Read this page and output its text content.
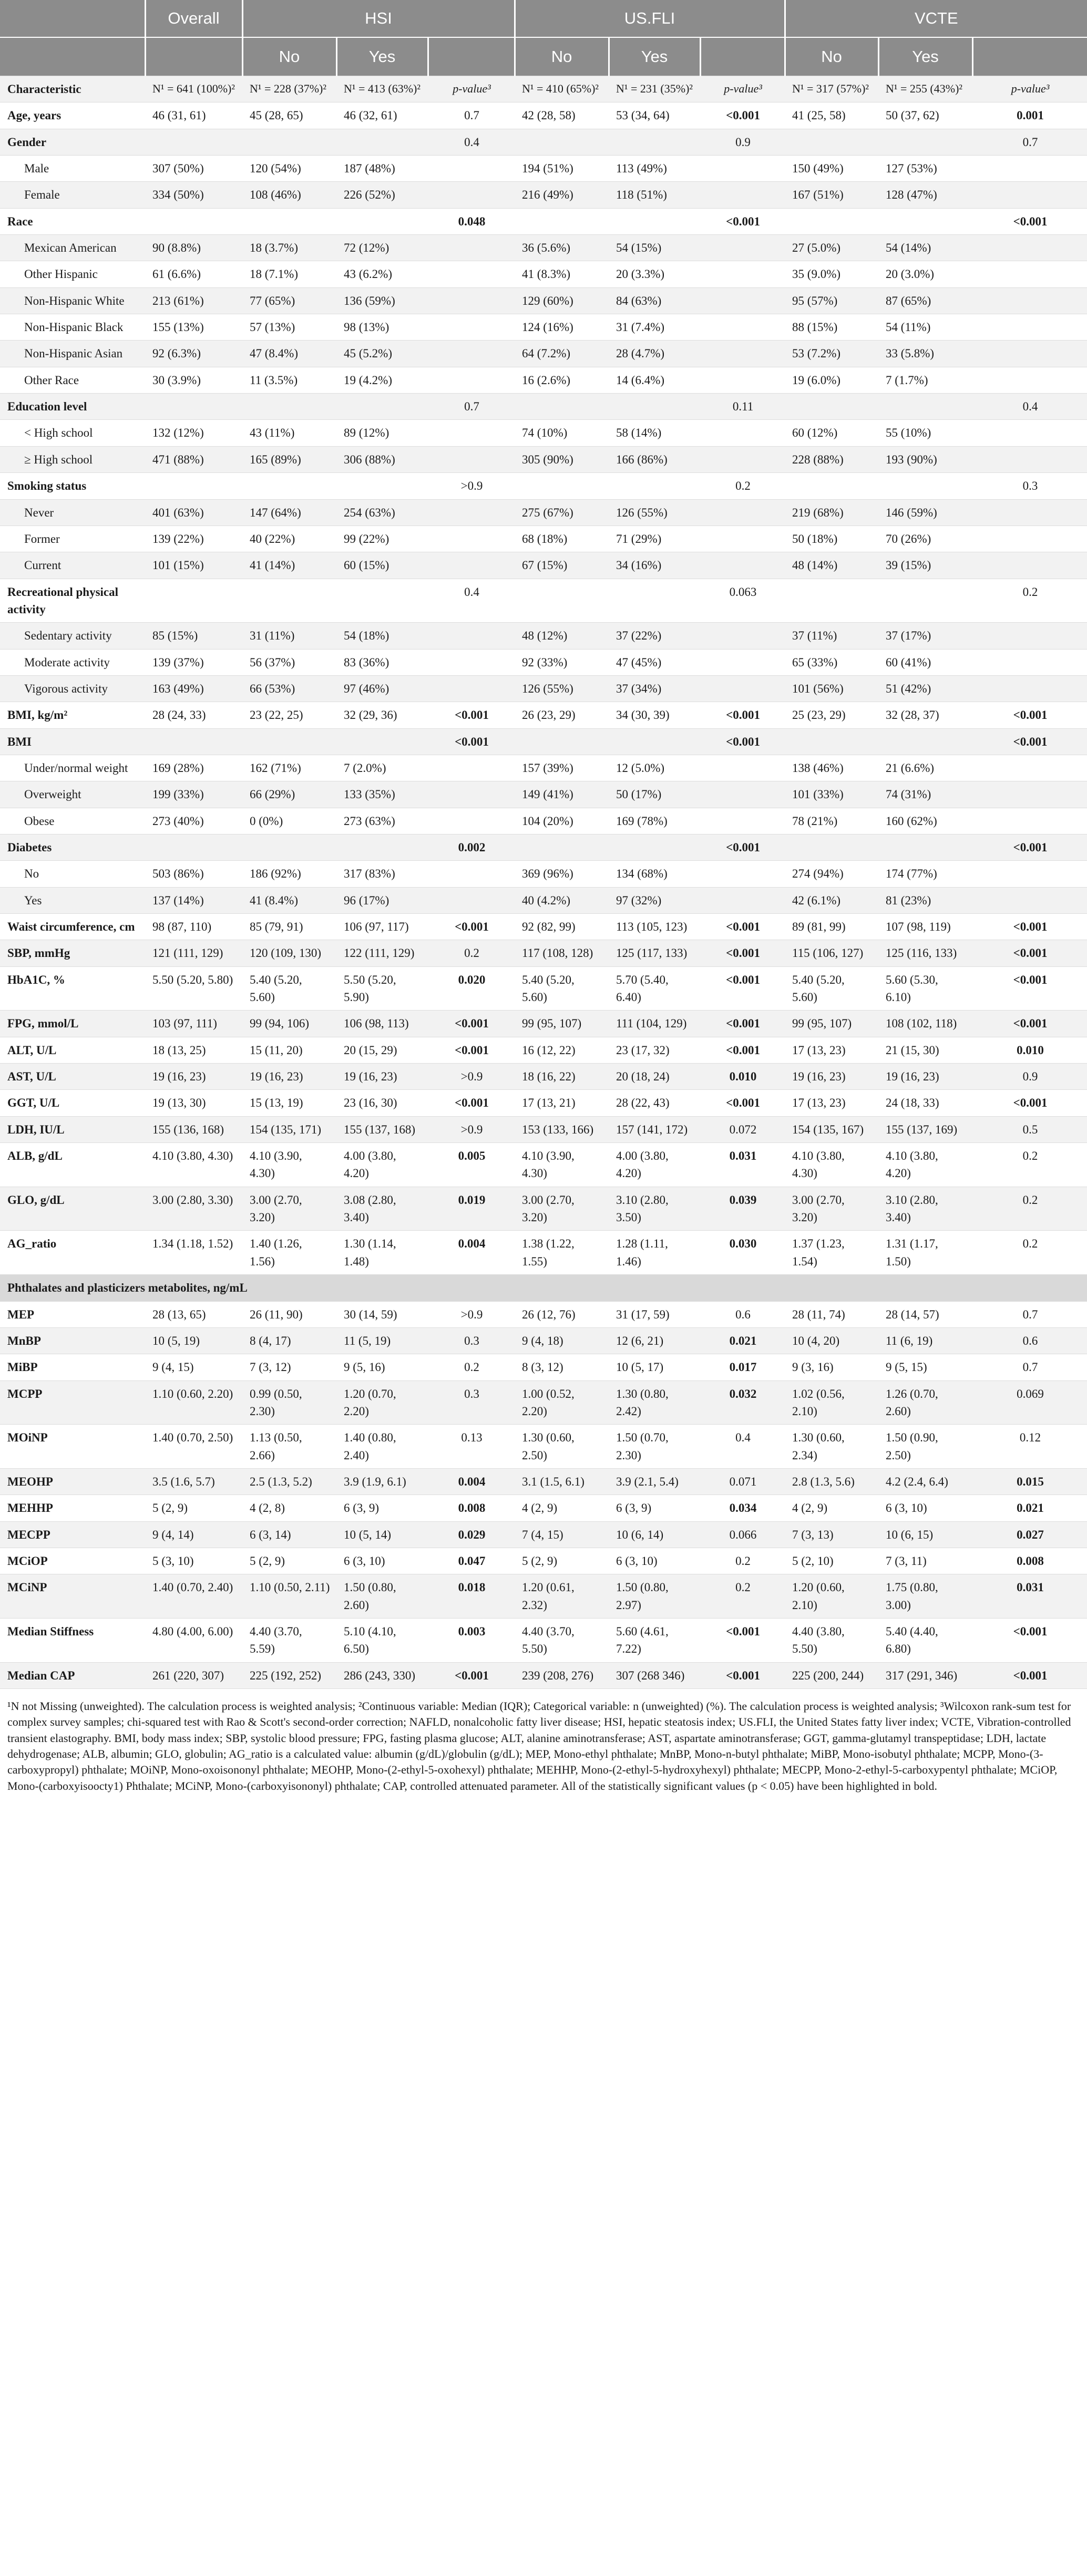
	Overall	HSI			US.FLI			VCTE		
		No	Yes		No	Yes		No	Yes	
Characteristic	N¹ = 641 (100%)²	N¹ = 228 (37%)²	N¹ = 413 (63%)²	p-value³	N¹ = 410 (65%)²	N¹ = 231 (35%)²	p-value³	N¹ = 317 (57%)²	N¹ = 255 (43%)²	p-value³
Age, years	46 (31, 61)	45 (28, 65)	46 (32, 61)	0.7	42 (28, 58)	53 (34, 64)	<0.001	41 (25, 58)	50 (37, 62)	0.001
Gender				0.4			0.9			0.7
Male	307 (50%)	120 (54%)	187 (48%)		194 (51%)	113 (49%)		150 (49%)	127 (53%)	
Female	334 (50%)	108 (46%)	226 (52%)		216 (49%)	118 (51%)		167 (51%)	128 (47%)	
Race				0.048			<0.001			<0.001
Mexican American	90 (8.8%)	18 (3.7%)	72 (12%)		36 (5.6%)	54 (15%)		27 (5.0%)	54 (14%)	
Other Hispanic	61 (6.6%)	18 (7.1%)	43 (6.2%)		41 (8.3%)	20 (3.3%)		35 (9.0%)	20 (3.0%)	
Non-Hispanic White	213 (61%)	77 (65%)	136 (59%)		129 (60%)	84 (63%)		95 (57%)	87 (65%)	
Non-Hispanic Black	155 (13%)	57 (13%)	98 (13%)		124 (16%)	31 (7.4%)		88 (15%)	54 (11%)	
Non-Hispanic Asian	92 (6.3%)	47 (8.4%)	45 (5.2%)		64 (7.2%)	28 (4.7%)		53 (7.2%)	33 (5.8%)	
Other Race	30 (3.9%)	11 (3.5%)	19 (4.2%)		16 (2.6%)	14 (6.4%)		19 (6.0%)	7 (1.7%)	
Education level				0.7			0.11			0.4
< High school	132 (12%)	43 (11%)	89 (12%)		74 (10%)	58 (14%)		60 (12%)	55 (10%)	
≥ High school	471 (88%)	165 (89%)	306 (88%)		305 (90%)	166 (86%)		228 (88%)	193 (90%)	
Smoking status				>0.9			0.2			0.3
Never	401 (63%)	147 (64%)	254 (63%)		275 (67%)	126 (55%)		219 (68%)	146 (59%)	
Former	139 (22%)	40 (22%)	99 (22%)		68 (18%)	71 (29%)		50 (18%)	70 (26%)	
Current	101 (15%)	41 (14%)	60 (15%)		67 (15%)	34 (16%)		48 (14%)	39 (15%)	
Recreational physical activity				0.4			0.063			0.2
Sedentary activity	85 (15%)	31 (11%)	54 (18%)		48 (12%)	37 (22%)		37 (11%)	37 (17%)	
Moderate activity	139 (37%)	56 (37%)	83 (36%)		92 (33%)	47 (45%)		65 (33%)	60 (41%)	
Vigorous activity	163 (49%)	66 (53%)	97 (46%)		126 (55%)	37 (34%)		101 (56%)	51 (42%)	
BMI, kg/m²	28 (24, 33)	23 (22, 25)	32 (29, 36)	<0.001	26 (23, 29)	34 (30, 39)	<0.001	25 (23, 29)	32 (28, 37)	<0.001
BMI				<0.001			<0.001			<0.001
Under/normal weight	169 (28%)	162 (71%)	7 (2.0%)		157 (39%)	12 (5.0%)		138 (46%)	21 (6.6%)	
Overweight	199 (33%)	66 (29%)	133 (35%)		149 (41%)	50 (17%)		101 (33%)	74 (31%)	
Obese	273 (40%)	0 (0%)	273 (63%)		104 (20%)	169 (78%)		78 (21%)	160 (62%)	
Diabetes				0.002			<0.001			<0.001
No	503 (86%)	186 (92%)	317 (83%)		369 (96%)	134 (68%)		274 (94%)	174 (77%)	
Yes	137 (14%)	41 (8.4%)	96 (17%)		40 (4.2%)	97 (32%)		42 (6.1%)	81 (23%)	
Waist circumference, cm	98 (87, 110)	85 (79, 91)	106 (97, 117)	<0.001	92 (82, 99)	113 (105, 123)	<0.001	89 (81, 99)	107 (98, 119)	<0.001
SBP, mmHg	121 (111, 129)	120 (109, 130)	122 (111, 129)	0.2	117 (108, 128)	125 (117, 133)	<0.001	115 (106, 127)	125 (116, 133)	<0.001
HbA1C, %	5.50 (5.20, 5.80)	5.40 (5.20, 5.60)	5.50 (5.20, 5.90)	0.020	5.40 (5.20, 5.60)	5.70 (5.40, 6.40)	<0.001	5.40 (5.20, 5.60)	5.60 (5.30, 6.10)	<0.001
FPG, mmol/L	103 (97, 111)	99 (94, 106)	106 (98, 113)	<0.001	99 (95, 107)	111 (104, 129)	<0.001	99 (95, 107)	108 (102, 118)	<0.001
ALT, U/L	18 (13, 25)	15 (11, 20)	20 (15, 29)	<0.001	16 (12, 22)	23 (17, 32)	<0.001	17 (13, 23)	21 (15, 30)	0.010
AST, U/L	19 (16, 23)	19 (16, 23)	19 (16, 23)	>0.9	18 (16, 22)	20 (18, 24)	0.010	19 (16, 23)	19 (16, 23)	0.9
GGT, U/L	19 (13, 30)	15 (13, 19)	23 (16, 30)	<0.001	17 (13, 21)	28 (22, 43)	<0.001	17 (13, 23)	24 (18, 33)	<0.001
LDH, IU/L	155 (136, 168)	154 (135, 171)	155 (137, 168)	>0.9	153 (133, 166)	157 (141, 172)	0.072	154 (135, 167)	155 (137, 169)	0.5
ALB, g/dL	4.10 (3.80, 4.30)	4.10 (3.90, 4.30)	4.00 (3.80, 4.20)	0.005	4.10 (3.90, 4.30)	4.00 (3.80, 4.20)	0.031	4.10 (3.80, 4.30)	4.10 (3.80, 4.20)	0.2
GLO, g/dL	3.00 (2.80, 3.30)	3.00 (2.70, 3.20)	3.08 (2.80, 3.40)	0.019	3.00 (2.70, 3.20)	3.10 (2.80, 3.50)	0.039	3.00 (2.70, 3.20)	3.10 (2.80, 3.40)	0.2
AG_ratio	1.34 (1.18, 1.52)	1.40 (1.26, 1.56)	1.30 (1.14, 1.48)	0.004	1.38 (1.22, 1.55)	1.28 (1.11, 1.46)	0.030	1.37 (1.23, 1.54)	1.31 (1.17, 1.50)	0.2
Phthalates and plasticizers metabolites, ng/mL										
MEP	28 (13, 65)	26 (11, 90)	30 (14, 59)	>0.9	26 (12, 76)	31 (17, 59)	0.6	28 (11, 74)	28 (14, 57)	0.7
MnBP	10 (5, 19)	8 (4, 17)	11 (5, 19)	0.3	9 (4, 18)	12 (6, 21)	0.021	10 (4, 20)	11 (6, 19)	0.6
MiBP	9 (4, 15)	7 (3, 12)	9 (5, 16)	0.2	8 (3, 12)	10 (5, 17)	0.017	9 (3, 16)	9 (5, 15)	0.7
MCPP	1.10 (0.60, 2.20)	0.99 (0.50, 2.30)	1.20 (0.70, 2.20)	0.3	1.00 (0.52, 2.20)	1.30 (0.80, 2.42)	0.032	1.02 (0.56, 2.10)	1.26 (0.70, 2.60)	0.069
MOiNP	1.40 (0.70, 2.50)	1.13 (0.50, 2.66)	1.40 (0.80, 2.40)	0.13	1.30 (0.60, 2.50)	1.50 (0.70, 2.30)	0.4	1.30 (0.60, 2.34)	1.50 (0.90, 2.50)	0.12
MEOHP	3.5 (1.6, 5.7)	2.5 (1.3, 5.2)	3.9 (1.9, 6.1)	0.004	3.1 (1.5, 6.1)	3.9 (2.1, 5.4)	0.071	2.8 (1.3, 5.6)	4.2 (2.4, 6.4)	0.015
MEHHP	5 (2, 9)	4 (2, 8)	6 (3, 9)	0.008	4 (2, 9)	6 (3, 9)	0.034	4 (2, 9)	6 (3, 10)	0.021
MECPP	9 (4, 14)	6 (3, 14)	10 (5, 14)	0.029	7 (4, 15)	10 (6, 14)	0.066	7 (3, 13)	10 (6, 15)	0.027
MCiOP	5 (3, 10)	5 (2, 9)	6 (3, 10)	0.047	5 (2, 9)	6 (3, 10)	0.2	5 (2, 10)	7 (3, 11)	0.008
MCiNP	1.40 (0.70, 2.40)	1.10 (0.50, 2.11)	1.50 (0.80, 2.60)	0.018	1.20 (0.61, 2.32)	1.50 (0.80, 2.97)	0.2	1.20 (0.60, 2.10)	1.75 (0.80, 3.00)	0.031
Median Stiffness	4.80 (4.00, 6.00)	4.40 (3.70, 5.59)	5.10 (4.10, 6.50)	0.003	4.40 (3.70, 5.50)	5.60 (4.61, 7.22)	<0.001	4.40 (3.80, 5.50)	5.40 (4.40, 6.80)	<0.001
Median CAP	261 (220, 307)	225 (192, 252)	286 (243, 330)	<0.001	239 (208, 276)	307 (268 346)	<0.001	225 (200, 244)	317 (291, 346)	<0.001

¹N not Missing (unweighted). The calculation process is weighted analysis; ²Continuous variable: Median (IQR); Categorical variable: n (unweighted) (%). The calculation process is weighted analysis; ³Wilcoxon rank-sum test for complex survey samples; chi-squared test with Rao & Scott's second-order correction; NAFLD, nonalcoholic fatty liver disease; HSI, hepatic steatosis index; US.FLI, the United States fatty liver index; VCTE, Vibration-controlled transient elastography. BMI, body mass index; SBP, systolic blood pressure; FPG, fasting plasma glucose; ALT, alanine aminotransferase; AST, aspartate aminotransferase; GGT, gamma-glutamyl transpeptidase; LDH, lactate dehydrogenase; ALB, albumin; GLO, globulin; AG_ratio is a calculated value: albumin (g/dL)/globulin (g/dL); MEP, Mono-ethyl phthalate; MnBP, Mono-n-butyl phthalate; MiBP, Mono-isobutyl phthalate; MCPP, Mono-(3-carboxypropyl) phthalate; MOiNP, Mono-oxoisononyl phthalate; MEOHP, Mono-(2-ethyl-5-oxohexyl) phthalate; MEHHP, Mono-(2-ethyl-5-hydroxyhexyl) phthalate; MECPP, Mono-2-ethyl-5-carboxypentyl phthalate; MCiOP, Mono-(carboxyisoocty1) Phthalate; MCiNP, Mono-(carboxyisononyl) phthalate; CAP, controlled attenuated parameter. All of the statistically significant values (p < 0.05) have been highlighted in bold.
